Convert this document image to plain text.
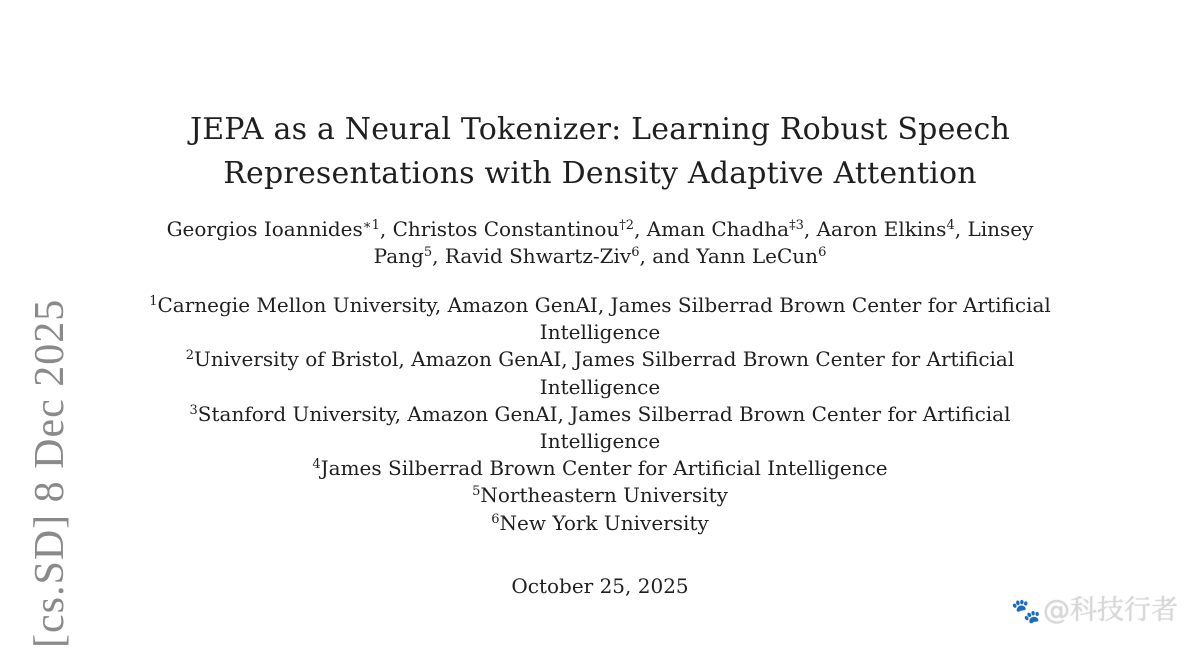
JEPA as a Neural Tokenizer: Learning Robust Speech
Representations with Density Adaptive Attention
Georgios Ioannides$^{∗1}$, Christos Constantinou$^{\dagger 2}$, Aman Chadha$^{\ddagger 3}$, Aaron Elkins$^4$, Linsey
Pang$^5$, Ravid Shwartz-Ziv$^6$, and Yann LeCun$^6$
$^1$Carnegie Mellon University, Amazon GenAI, James Silberrad Brown Center for Artificial
Intelligence
$^2$University of Bristol, Amazon GenAI, James Silberrad Brown Center for Artificial
Intelligence
$^3$Stanford University, Amazon GenAI, James Silberrad Brown Center for Artificial
Intelligence
$^4$James Silberrad Brown Center for Artificial Intelligence
$^5$Northeastern University
$^6$New York University
October 25, 2025
[cs.SD] 8 Dec 2025	🐾@科技行者
